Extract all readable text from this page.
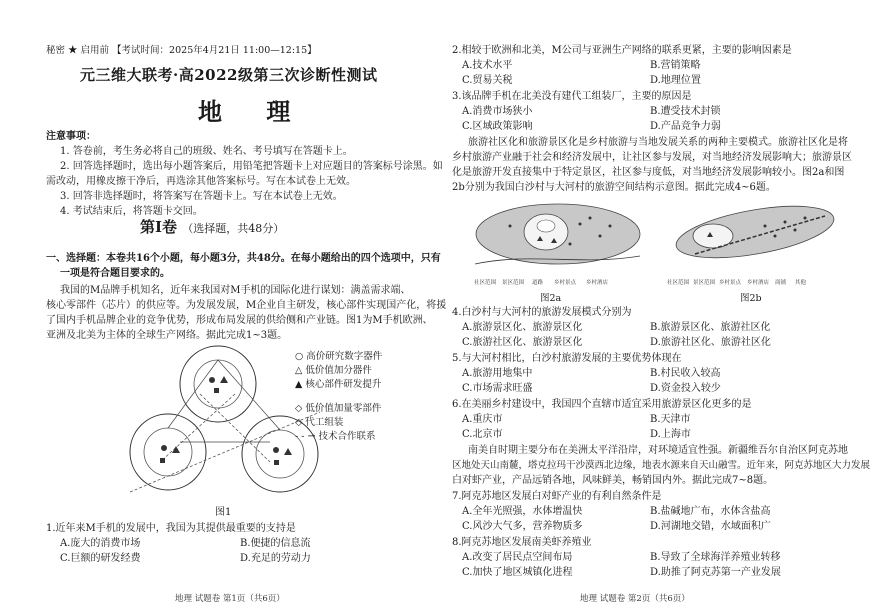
秘密 ★ 启用前 【考试时间：2025年4月21日 11:00—12:15】
元三维大联考·高2022级第三次诊断性测试
地 理
注意事项：
1. 答卷前，考生务必将自己的班级、姓名、考号填写在答题卡上。
2. 回答选择题时，选出每小题答案后，用铅笔把答题卡上对应题目的答案标号涂黑。如
需改动，用橡皮擦干净后，再选涂其他答案标号。写在本试卷上无效。
3. 回答非选择题时，将答案写在答题卡上。写在本试卷上无效。
4. 考试结束后，将答题卡交回。
第Ⅰ卷 （选择题，共48分）
一、选择题：本卷共16个小题，每小题3分，共48分。在每小题给出的四个选项中，只有
一项是符合题目要求的。
我国的M品牌手机知名，近年来我国对M手机的国际化进行谋划：满盖需求端、
核心零部件（芯片）的供应等。为发展发展，M企业自主研发，核心部件实现国产化，将援
了国内手机品牌企业的竞争优势，形成布局发展的供给侧和产业链。图1为M手机欧洲、
亚洲及北美为主体的全球生产网络。据此完成1~3题。
○ 高价研究数字器件
△ 低价值加分器件
▲ 核心部件研发提升
◇ 低价值加量零部件
◇ 代工组装
- - → 技术合作联系
图1
1.近年来M手机的发展中，我国为其提供最重要的支持是
A.庞大的消费市场	B.便捷的信息流
C.巨额的研发经费	D.充足的劳动力
地理 试题卷 第1页（共6页）
2.相较于欧洲和北美，M公司与亚洲生产网络的联系更紧，主要的影响因素是
A.技术水平	B.营销策略
C.贸易关税	D.地理位置
3.该品牌手机在北美没有建代工组装厂，主要的原因是
A.消费市场狭小	B.遭受技术封锁
C.区域政策影响	D.产品竞争力弱
旅游社区化和旅游景区化是乡村旅游与当地发展关系的两种主要模式。旅游社区化是将
乡村旅游产业融于社会和经济发展中，让社区参与发展，对当地经济发展影响大；旅游景区
化是旅游开发直接集中于特定景区，社区参与度低，对当地经济发展影响较小。图2a和图
2b分别为我国白沙村与大河村的旅游空间结构示意图。据此完成4~6题。
社区范围 景区范围 道路 乡村景点 乡村酒店
图2a
社区范围 景区范围 乡村景点 乡村酒店 商铺 其他
图2b
4.白沙村与大河村的旅游发展模式分别为
A.旅游景区化、旅游景区化	B.旅游景区化、旅游社区化
C.旅游社区化、旅游景区化	D.旅游社区化、旅游社区化
5.与大河村相比，白沙村旅游发展的主要优势体现在
A.旅游用地集中	B.村民收入较高
C.市场需求旺盛	D.资金投入较少
6.在美丽乡村建设中，我国四个直辖市适宜采用旅游景区化更多的是
A.重庆市	B.天津市
C.北京市	D.上海市
南美自时期主要分布在美洲太平洋沿岸，对环境适宜性强。新疆维吾尔自治区阿克苏地
区地处天山南麓，塔克拉玛干沙漠西北边缘，地表水源来自天山融雪。近年来，阿克苏地区大力发展
白对虾产业，产品远销各地，风味鲜美，畅销国内外。据此完成7~8题。
7.阿克苏地区发展白对虾产业的有利自然条件是
A.全年光照强，水体增温快	B.盐碱地广布，水体含盐高
C.风沙大气多，营养物质多	D.河湖地交错，水域面积广
8.阿克苏地区发展南美虾养殖业
A.改变了居民点空间布局	B.导致了全球海洋养殖业转移
C.加快了地区城镇化进程	D.助推了阿克苏第一产业发展
地理 试题卷 第2页（共6页）
